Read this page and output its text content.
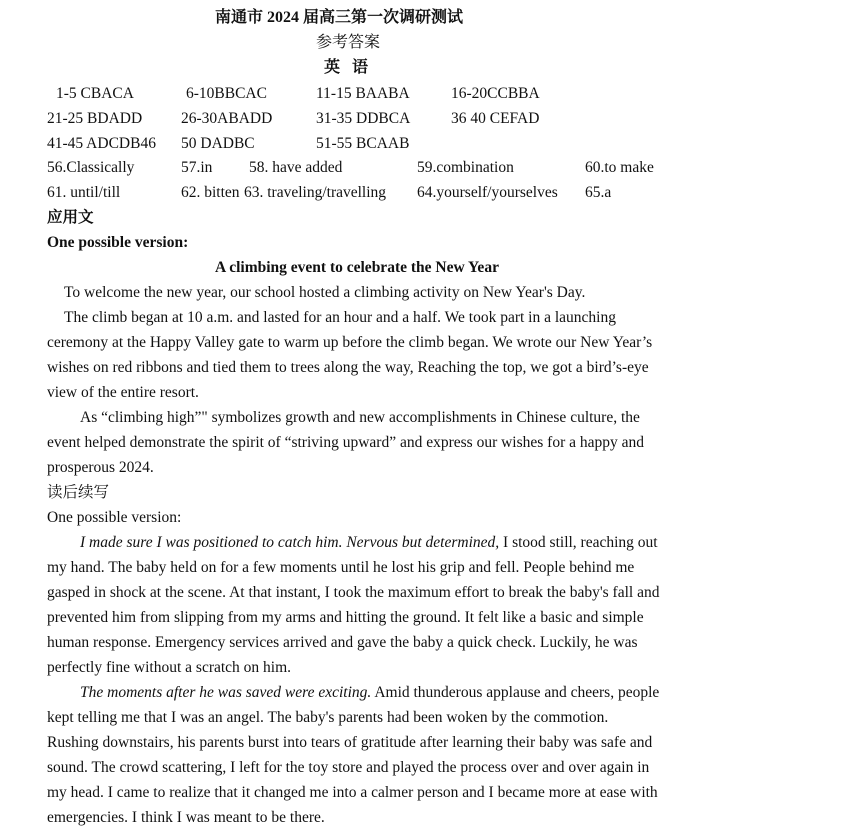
南通市 2024 届高三第一次调研测试
参考答案
英 语
1-5 CBACA	6-10BBCAC	11-15 BAABA	16-20CCBBA
21-25 BDADD	26-30ABADD	31-35 DDBCA	36 40 CEFAD
41-45 ADCDB46 50 DADBC	51-55 BCAAB
56.Classically	57.in 58. have added	59.combination	60.to make
61. until/till	62. bitten 63. traveling/travelling 64.yourself/yourselves 65.a
应用文
One possible version:
A climbing event to celebrate the New Year
To welcome the new year, our school hosted a climbing activity on New Year's Day.
The climb began at 10 a.m. and lasted for an hour and a half. We took part in a launching
ceremony at the Happy Valley gate to warm up before the climb began. We wrote our New Year’s
wishes on red ribbons and tied them to trees along the way, Reaching the top, we got a bird’s-eye
view of the entire resort.
As “climbing high”" symbolizes growth and new accomplishments in Chinese culture, the
event helped demonstrate the spirit of “striving upward” and express our wishes for a happy and
prosperous 2024.
读后续写
One possible version:
I made sure I was positioned to catch him. Nervous but determined, I stood still, reaching out
my hand. The baby held on for a few moments until he lost his grip and fell. People behind me
gasped in shock at the scene. At that instant, I took the maximum effort to break the baby's fall and
prevented him from slipping from my arms and hitting the ground. It felt like a basic and simple
human response. Emergency services arrived and gave the baby a quick check. Luckily, he was
perfectly fine without a scratch on him.
The moments after he was saved were exciting. Amid thunderous applause and cheers, people
kept telling me that I was an angel. The baby's parents had been woken by the commotion.
Rushing downstairs, his parents burst into tears of gratitude after learning their baby was safe and
sound. The crowd scattering, I left for the toy store and played the process over and over again in
my head. I came to realize that it changed me into a calmer person and I became more at ease with
emergencies. I think I was meant to be there.
